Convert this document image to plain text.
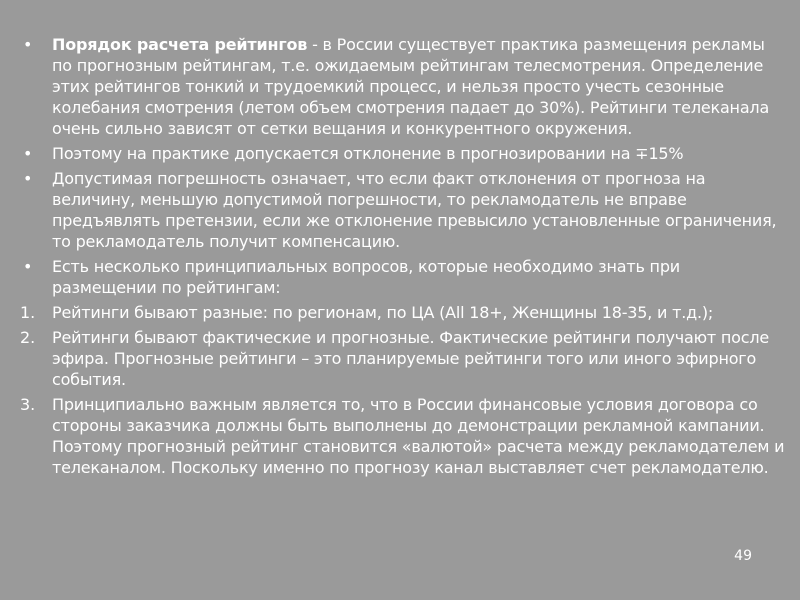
•	Порядок расчета рейтингов - в России существует практика размещения рекламы по прогнозным рейтингам, т.е. ожидаемым рейтингам телесмотрения. Определение этих рейтингов тонкий и трудоемкий процесс, и нельзя просто учесть сезонные колебания смотрения (летом объем смотрения падает до 30%). Рейтинги телеканала очень сильно зависят от сетки вещания и конкурентного окружения.
•	Поэтому на практике допускается отклонение в прогнозировании на ∓15%
•	Допустимая погрешность означает, что если факт отклонения от прогноза на величину, меньшую допустимой погрешности, то рекламодатель не вправе предъявлять претензии, если же отклонение превысило установленные ограничения, то рекламодатель получит компенсацию.
•	Есть несколько принципиальных вопросов, которые необходимо знать при размещении по рейтингам:
1.	Рейтинги бывают разные: по регионам, по ЦА (All 18+, Женщины 18-35, и т.д.);
2.	Рейтинги бывают фактические и прогнозные. Фактические рейтинги получают после эфира. Прогнозные рейтинги – это планируемые рейтинги того или иного эфирного события.
3.	Принципиально важным является то, что в России финансовые условия договора со стороны заказчика должны быть выполнены до демонстрации рекламной кампании. Поэтому прогнозный рейтинг становится «валютой» расчета между рекламодателем и телеканалом. Поскольку именно по прогнозу канал выставляет счет рекламодателю.
49
